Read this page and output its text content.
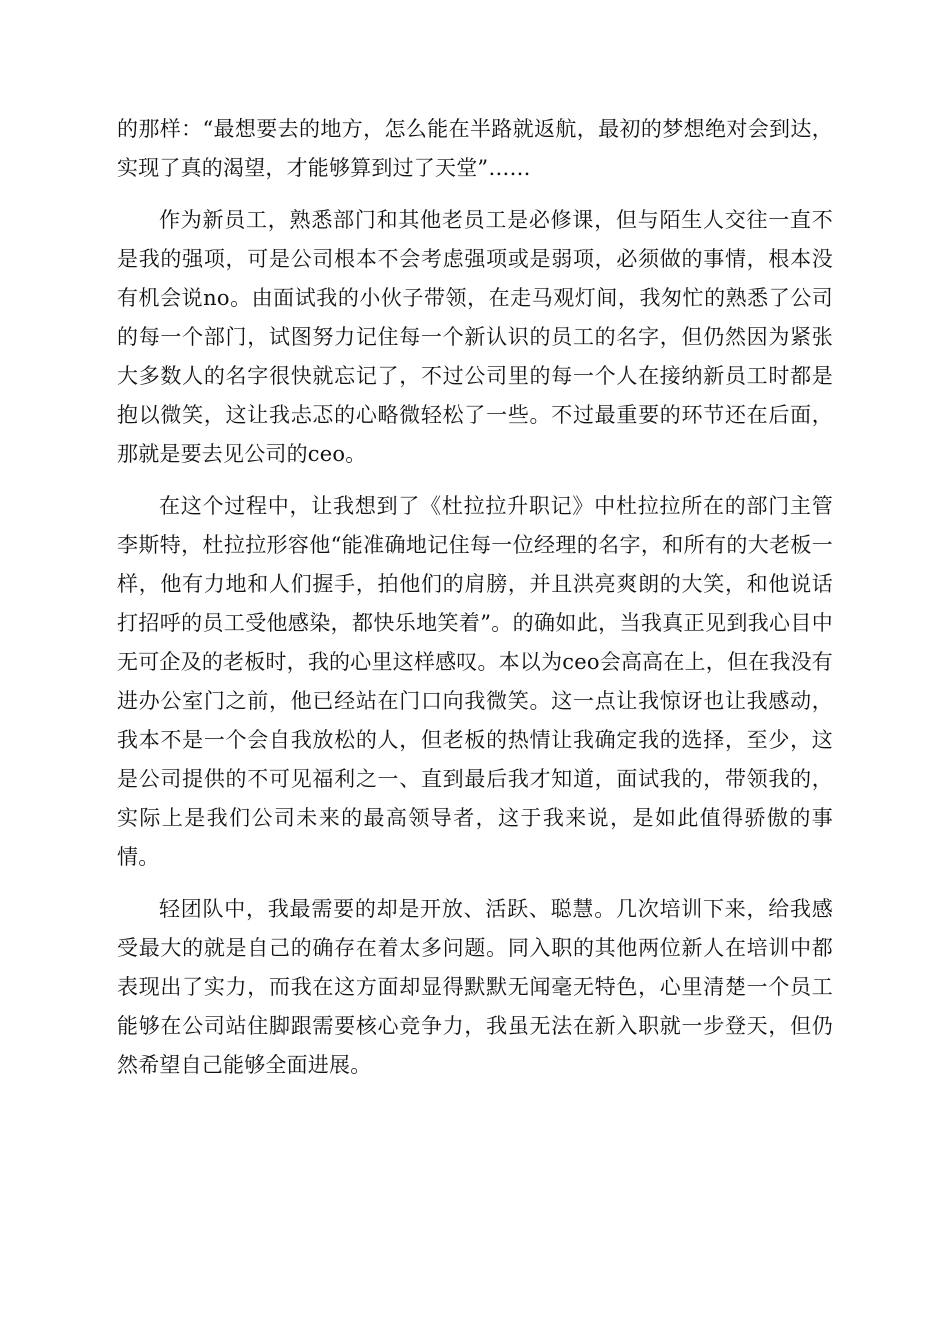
的那样：“最想要去的地方，怎么能在半路就返航，最初的梦想绝对会到达，实现了真的渴望，才能够算到过了天堂”……

作为新员工，熟悉部门和其他老员工是必修课，但与陌生人交往一直不是我的强项，可是公司根本不会考虑强项或是弱项，必须做的事情，根本没有机会说no。由面试我的小伙子带领，在走马观灯间，我匆忙的熟悉了公司的每一个部门，试图努力记住每一个新认识的员工的名字，但仍然因为紧张大多数人的名字很快就忘记了，不过公司里的每一个人在接纳新员工时都是抱以微笑，这让我忐忑的心略微轻松了一些。不过最重要的环节还在后面，那就是要去见公司的ceo。

在这个过程中，让我想到了《杜拉拉升职记》中杜拉拉所在的部门主管李斯特，杜拉拉形容他“能准确地记住每一位经理的名字，和所有的大老板一样，他有力地和人们握手，拍他们的肩膀，并且洪亮爽朗的大笑，和他说话打招呼的员工受他感染，都快乐地笑着”。的确如此，当我真正见到我心目中无可企及的老板时，我的心里这样感叹。本以为ceo会高高在上，但在我没有进办公室门之前，他已经站在门口向我微笑。这一点让我惊讶也让我感动，我本不是一个会自我放松的人，但老板的热情让我确定我的选择，至少，这是公司提供的不可见福利之一、直到最后我才知道，面试我的，带领我的，实际上是我们公司未来的最高领导者，这于我来说，是如此值得骄傲的事情。

轻团队中，我最需要的却是开放、活跃、聪慧。几次培训下来，给我感受最大的就是自己的确存在着太多问题。同入职的其他两位新人在培训中都表现出了实力，而我在这方面却显得默默无闻毫无特色，心里清楚一个员工能够在公司站住脚跟需要核心竞争力，我虽无法在新入职就一步登天，但仍然希望自己能够全面进展。
